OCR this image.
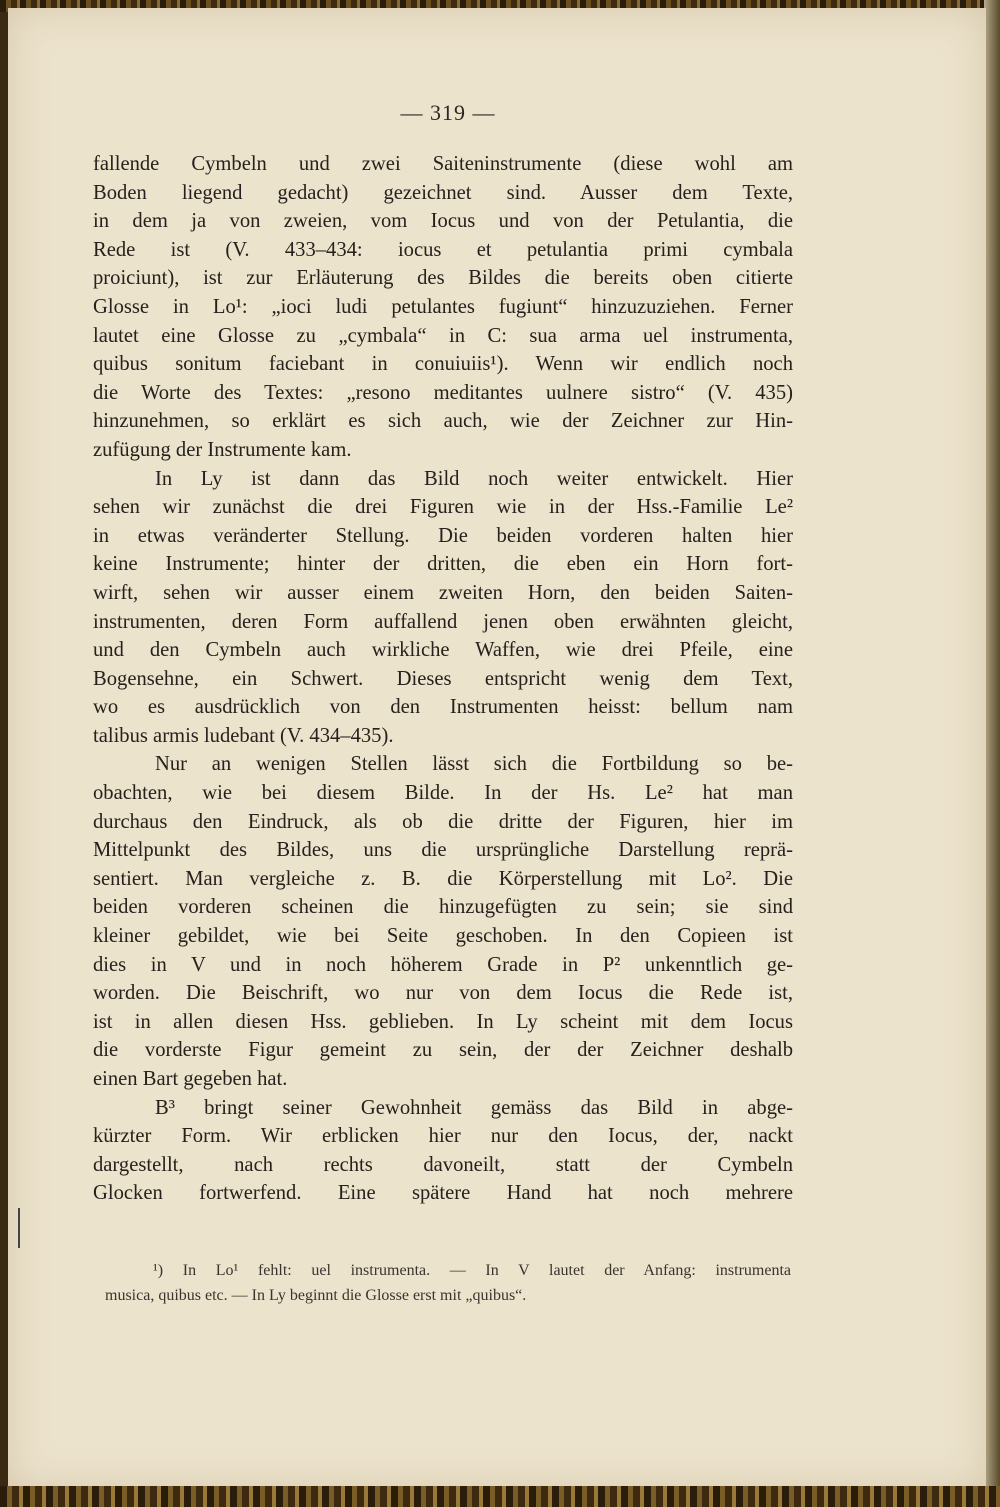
— 319 —
fallende Cymbeln und zwei Saiteninstrumente (diese wohl am
Boden liegend gedacht) gezeichnet sind. Ausser dem Texte,
in dem ja von zweien, vom Iocus und von der Petulantia, die
Rede ist (V. 433–434: iocus et petulantia primi cymbala
proiciunt), ist zur Erläuterung des Bildes die bereits oben citierte
Glosse in Lo¹: „ioci ludi petulantes fugiunt“ hinzuzuziehen. Ferner
lautet eine Glosse zu „cymbala“ in C: sua arma uel instrumenta,
quibus sonitum faciebant in conuiuiis¹). Wenn wir endlich noch
die Worte des Textes: „resono meditantes uulnere sistro“ (V. 435)
hinzunehmen, so erklärt es sich auch, wie der Zeichner zur Hin-
zufügung der Instrumente kam.
In Ly ist dann das Bild noch weiter entwickelt. Hier
sehen wir zunächst die drei Figuren wie in der Hss.-Familie Le²
in etwas veränderter Stellung. Die beiden vorderen halten hier
keine Instrumente; hinter der dritten, die eben ein Horn fort-
wirft, sehen wir ausser einem zweiten Horn, den beiden Saiten-
instrumenten, deren Form auffallend jenen oben erwähnten gleicht,
und den Cymbeln auch wirkliche Waffen, wie drei Pfeile, eine
Bogensehne, ein Schwert. Dieses entspricht wenig dem Text,
wo es ausdrücklich von den Instrumenten heisst: bellum nam
talibus armis ludebant (V. 434–435).
Nur an wenigen Stellen lässt sich die Fortbildung so be-
obachten, wie bei diesem Bilde. In der Hs. Le² hat man
durchaus den Eindruck, als ob die dritte der Figuren, hier im
Mittelpunkt des Bildes, uns die ursprüngliche Darstellung reprä-
sentiert. Man vergleiche z. B. die Körperstellung mit Lo². Die
beiden vorderen scheinen die hinzugefügten zu sein; sie sind
kleiner gebildet, wie bei Seite geschoben. In den Copieen ist
dies in V und in noch höherem Grade in P² unkenntlich ge-
worden. Die Beischrift, wo nur von dem Iocus die Rede ist,
ist in allen diesen Hss. geblieben. In Ly scheint mit dem Iocus
die vorderste Figur gemeint zu sein, der der Zeichner deshalb
einen Bart gegeben hat.
B³ bringt seiner Gewohnheit gemäss das Bild in abge-
kürzter Form. Wir erblicken hier nur den Iocus, der, nackt
dargestellt, nach rechts davoneilt, statt der Cymbeln
Glocken fortwerfend. Eine spätere Hand hat noch mehrere
¹) In Lo¹ fehlt: uel instrumenta. — In V lautet der Anfang: instrumenta
musica, quibus etc. — In Ly beginnt die Glosse erst mit „quibus“.
